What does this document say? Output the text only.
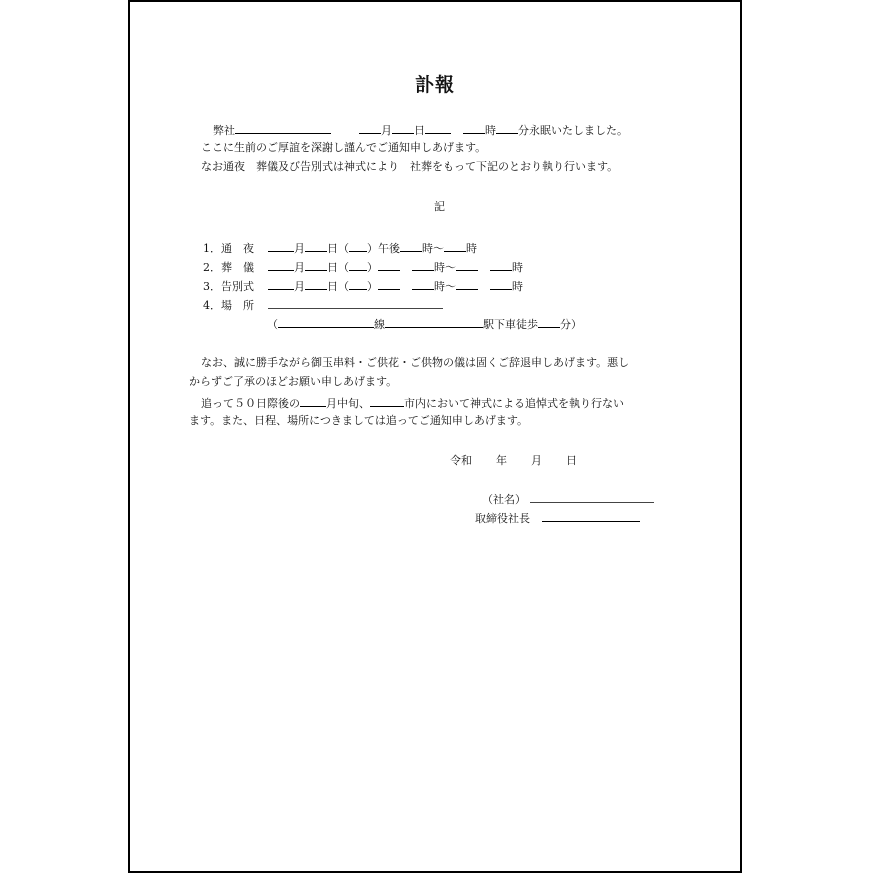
訃報
弊社	月 日	時 分永眠いたしました。
ここに生前のご厚誼を深謝し謹んでご通知申しあげます。
なお通夜　葬儀及び告別式は神式により　社葬をもって下記のとおり執り行います。
記
1．通　夜	月 日（ ）午後 時～ 時
2．葬　儀	月 日（ ）	時～	時
3．告別式	月 日（ ）	時～	時
4．場　所
（	線	駅下車徒歩 分）
なお、誠に勝手ながら御玉串料・ご供花・ご供物の儀は固くご辞退申しあげます。悪し
からずご了承のほどお願い申しあげます。
追って５０日際後の 月中旬、	市内において神式による追悼式を執り行ない
ます。また、日程、場所につきましては追ってご通知申しあげます。
令和 年 月 日
（社名）
取締役社長
